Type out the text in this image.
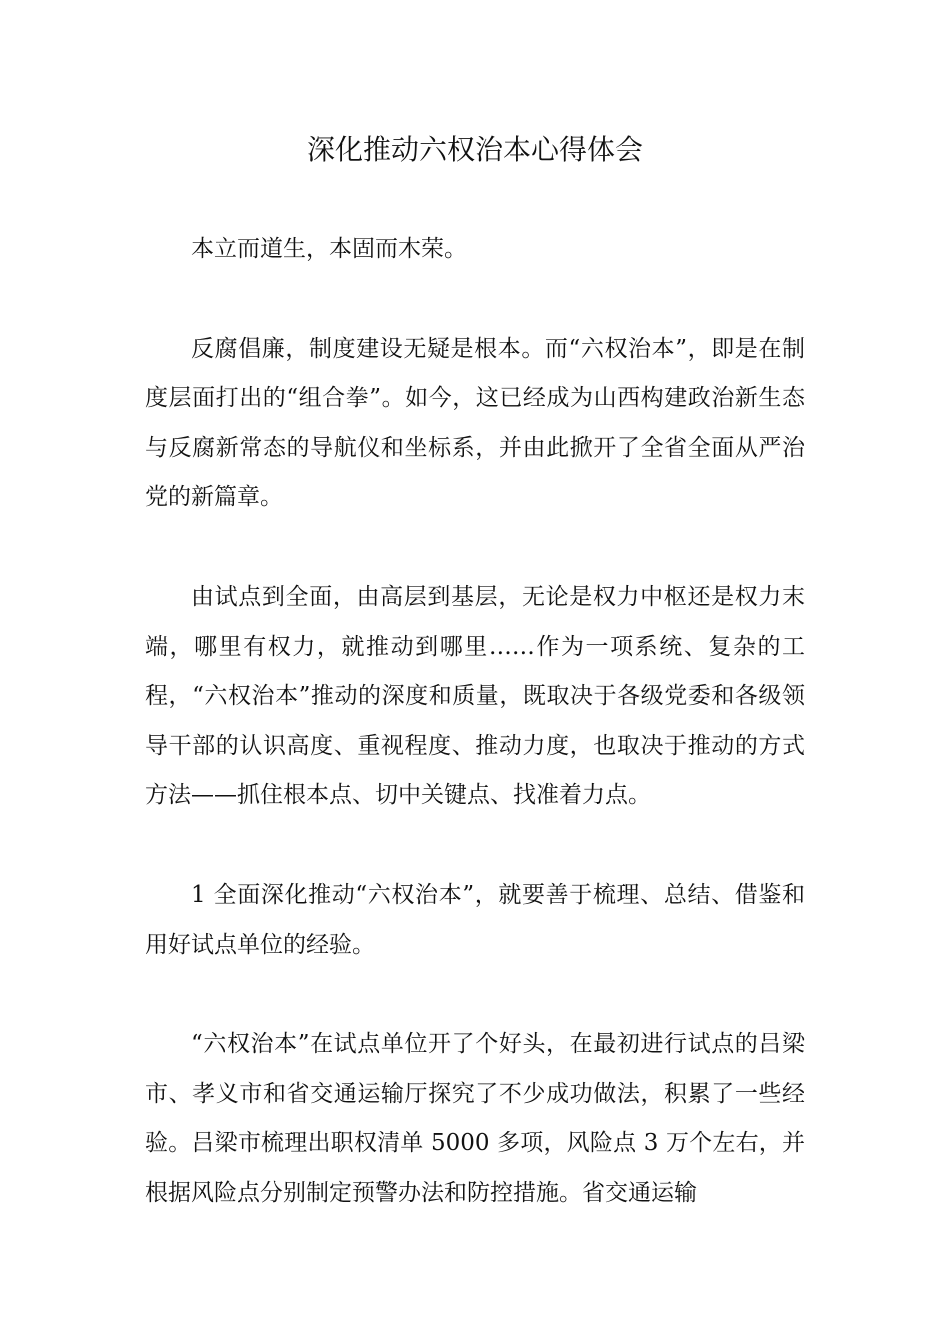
深化推动六权治本心得体会

本立而道生，本固而木荣。

反腐倡廉，制度建设无疑是根本。而“六权治本”，即是在制度层面打出的“组合拳”。如今，这已经成为山西构建政治新生态与反腐新常态的导航仪和坐标系，并由此掀开了全省全面从严治党的新篇章。

由试点到全面，由高层到基层，无论是权力中枢还是权力末端，哪里有权力，就推动到哪里……作为一项系统、复杂的工程，“六权治本”推动的深度和质量，既取决于各级党委和各级领导干部的认识高度、重视程度、推动力度，也取决于推动的方式方法——抓住根本点、切中关键点、找准着力点。

1 全面深化推动“六权治本”，就要善于梳理、总结、借鉴和用好试点单位的经验。

“六权治本”在试点单位开了个好头，在最初进行试点的吕梁市、孝义市和省交通运输厅探究了不少成功做法，积累了一些经验。吕梁市梳理出职权清单 5000 多项，风险点 3 万个左右，并根据风险点分别制定预警办法和防控措施。省交通运输
